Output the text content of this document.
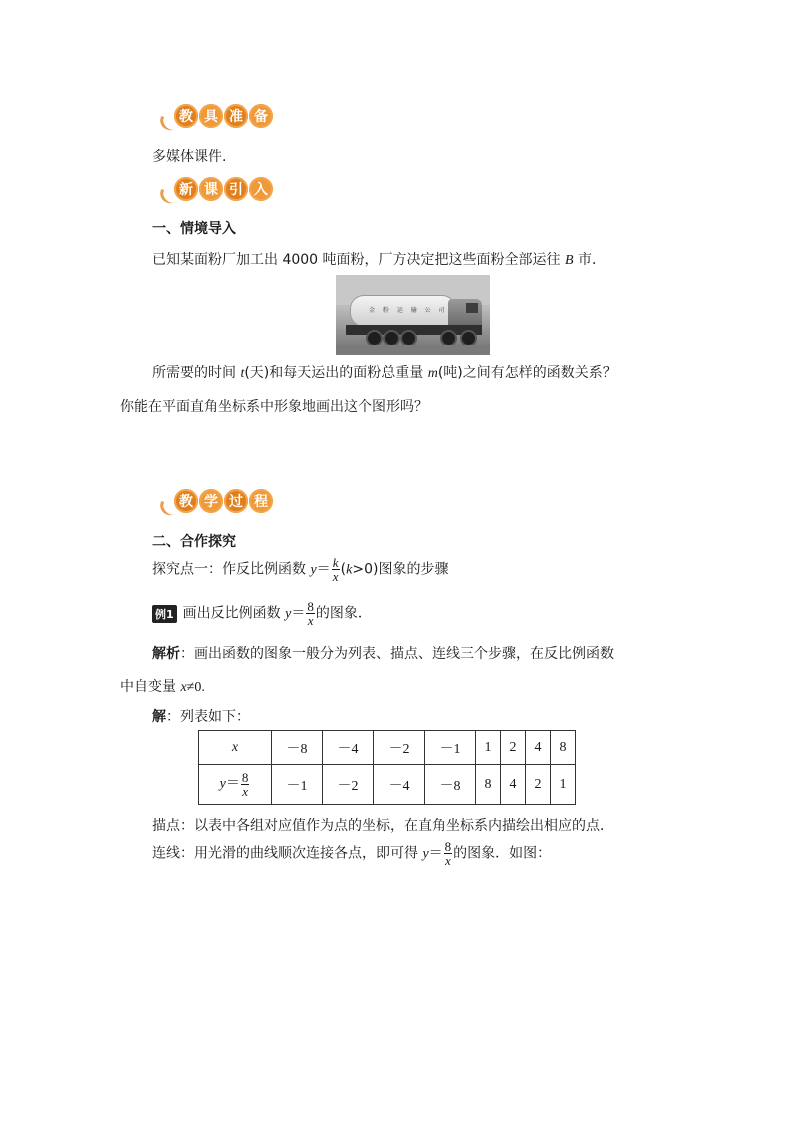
教 具 准 备
多媒体课件.
新 课 引 入
一、情境导入
已知某面粉厂加工出 4000 吨面粉，厂方决定把这些面粉全部运往 B 市．
金 粉 运 输 公 司
所需要的时间 t(天)和每天运出的面粉总重量 m(吨)之间有怎样的函数关系？
你能在平面直角坐标系中形象地画出这个图形吗？
教 学 过 程
二、合作探究
探究点一：作反比例函数 $y= \frac{k}{x} (k>0)$图象的步骤
例1 画出反比例函数 $y= \frac{8}{x}$ 的图象．
解析：画出函数的图象一般分为列表、描点、连线三个步骤，在反比例函数
中自变量 x≠0.
解：列表如下：
x	－8	－4	－2	－1	1	2	4	8
$y= \frac{8}{x}$	－1	－2	－4	－8	8	4	2	1
描点：以表中各组对应值作为点的坐标，在直角坐标系内描绘出相应的点．
连线：用光滑的曲线顺次连接各点，即可得 $y= \frac{8}{x}$ 的图象．如图：
